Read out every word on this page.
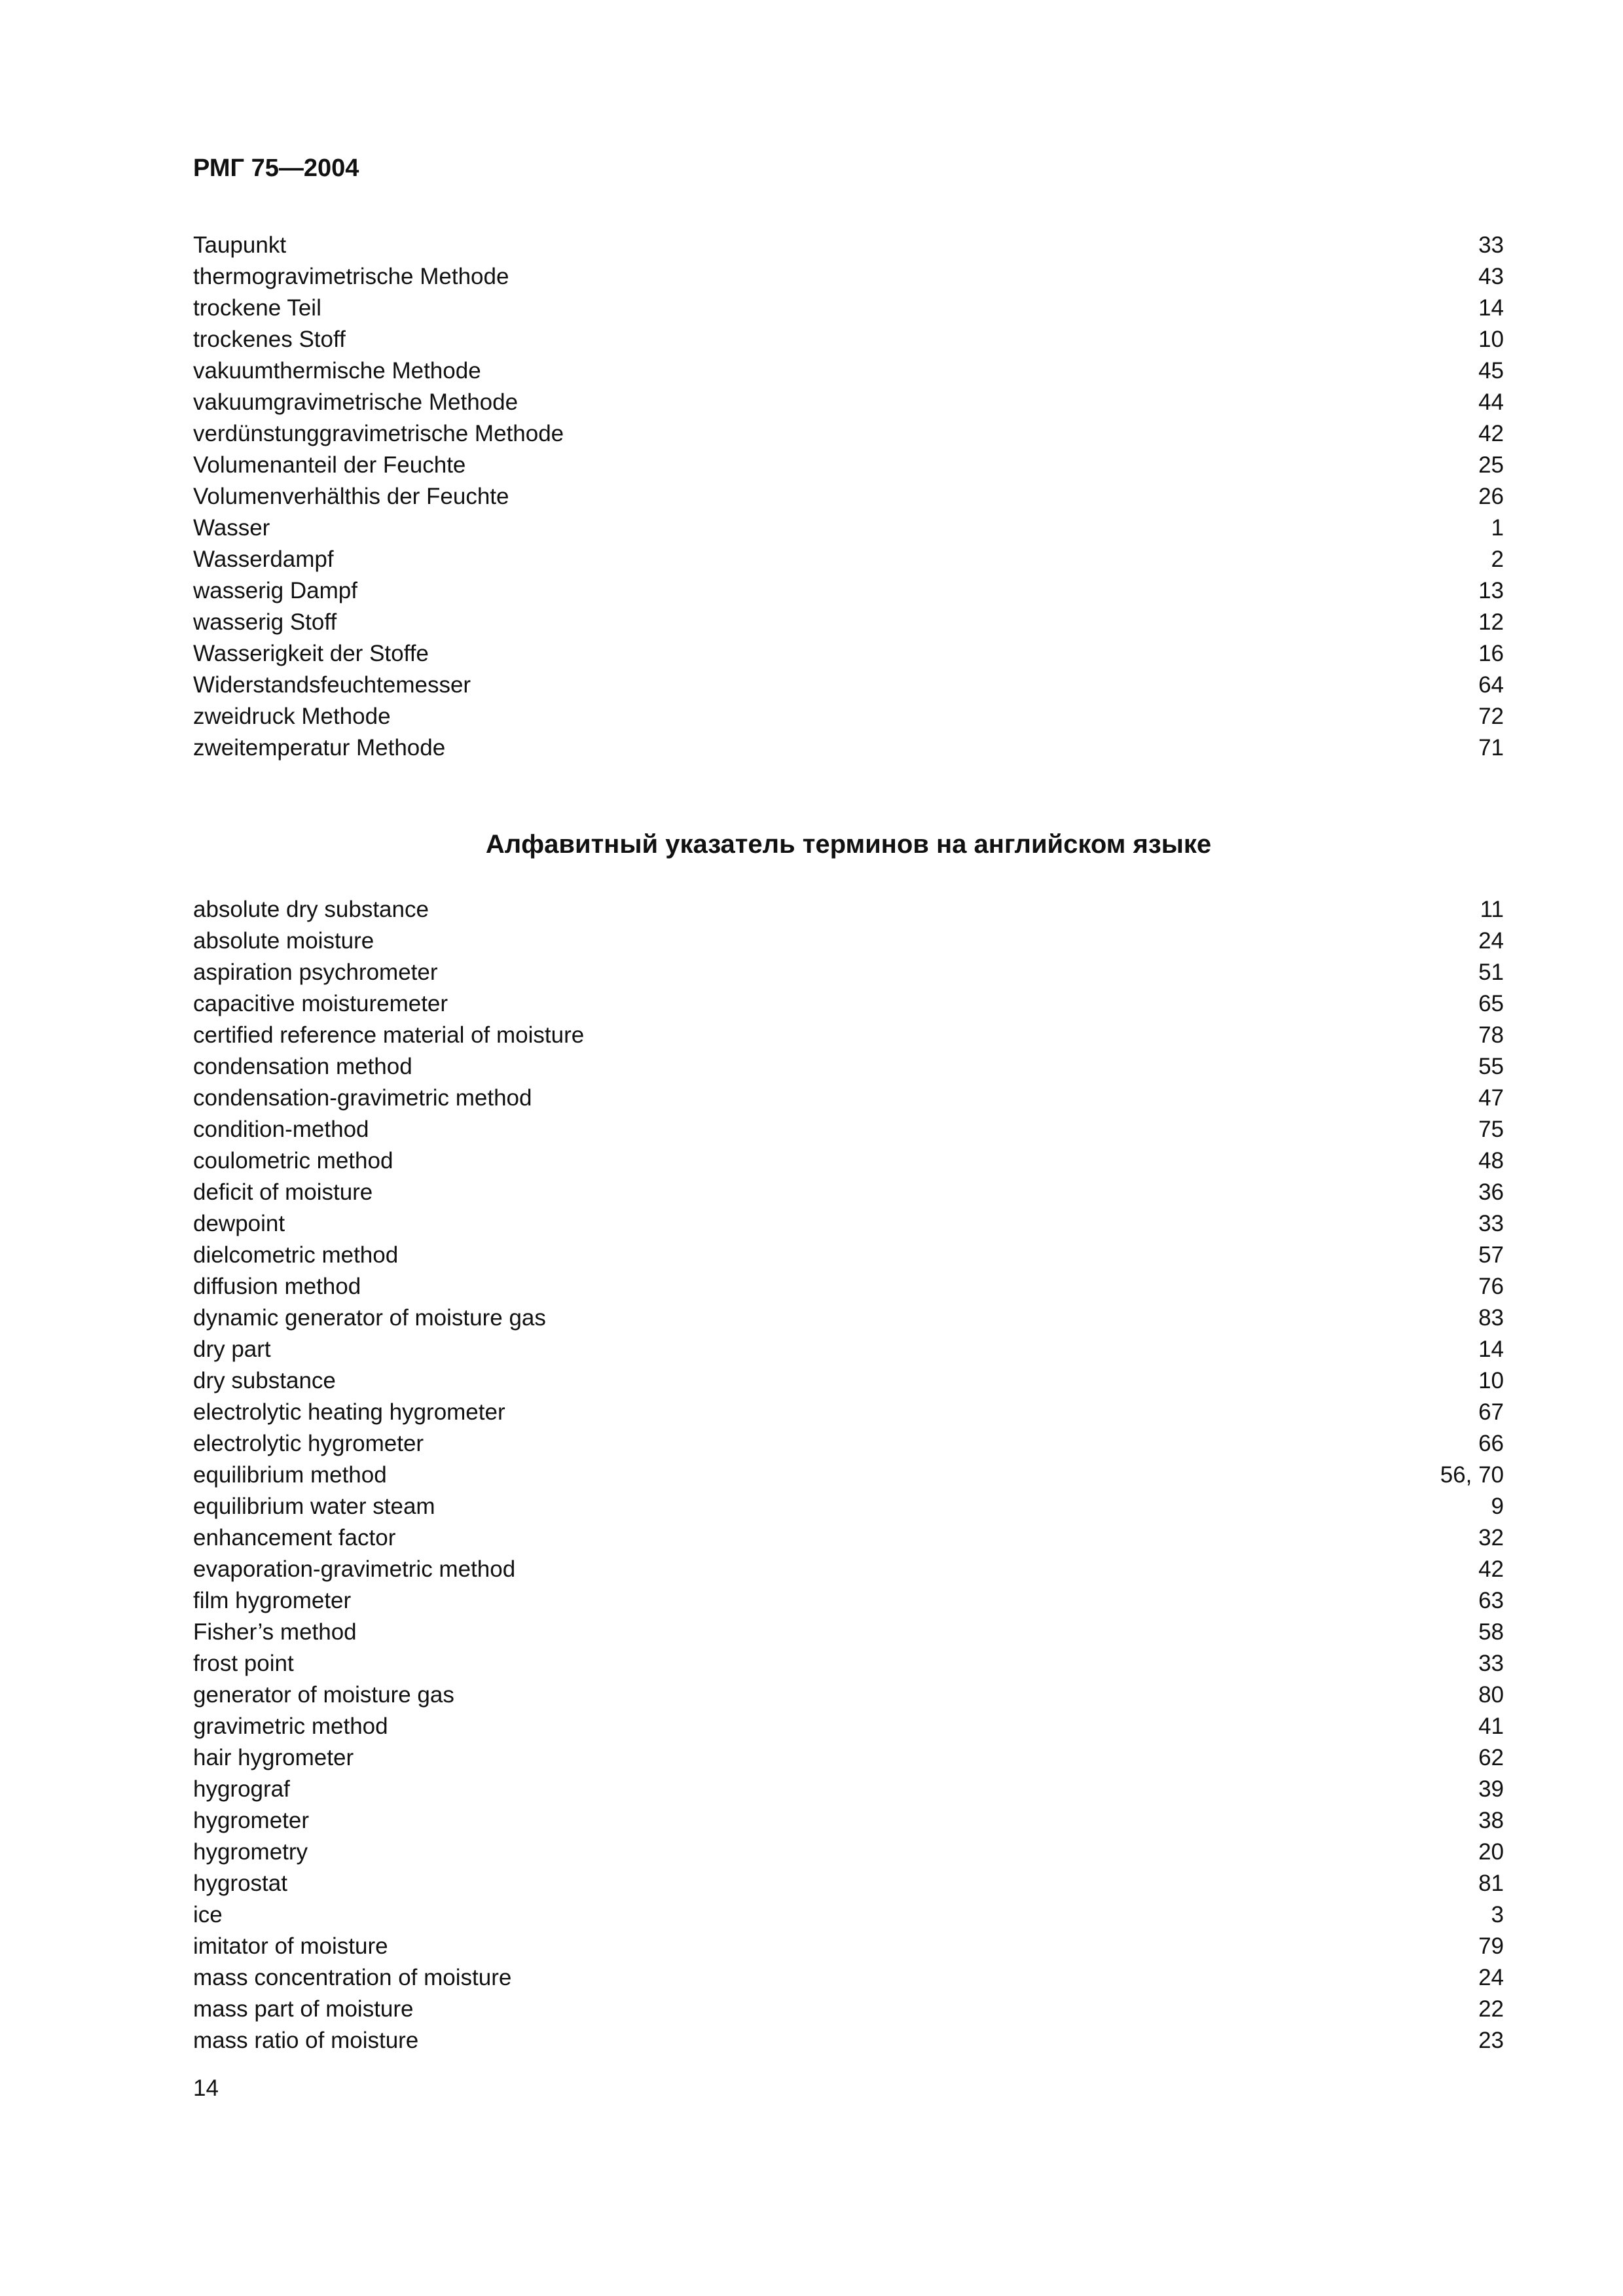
РМГ 75—2004
Taupunkt	33
thermogravimetrische Methode	43
trockene Teil	14
trockenes Stoff	10
vakuumthermische Methode	45
vakuumgravimetrische Methode	44
verdünstunggravimetrische Methode	42
Volumenanteil der Feuchte	25
Volumenverhälthis der Feuchte	26
Wasser	1
Wasserdampf	2
wasserig Dampf	13
wasserig Stoff	12
Wasserigkeit der Stoffe	16
Widerstandsfeuchtemesser	64
zweidruck Methode	72
zweitemperatur Methode	71
Алфавитный указатель терминов на английском языке
absolute dry substance	11
absolute moisture	24
aspiration psychrometer	51
capacitive moisturemeter	65
certified reference material of moisture	78
condensation method	55
condensation-gravimetric method	47
condition-method	75
coulometric method	48
deficit of moisture	36
dewpoint	33
dielcometric method	57
diffusion method	76
dynamic generator of moisture gas	83
dry part	14
dry substance	10
electrolytic heating hygrometer	67
electrolytic hygrometer	66
equilibrium method	56, 70
equilibrium water steam	9
enhancement factor	32
evaporation-gravimetric method	42
film hygrometer	63
Fisher’s method	58
frost point	33
generator of moisture gas	80
gravimetric method	41
hair hygrometer	62
hygrograf	39
hygrometer	38
hygrometry	20
hygrostat	81
ice	3
imitator of moisture	79
mass concentration of moisture	24
mass part of moisture	22
mass ratio of moisture	23

14
